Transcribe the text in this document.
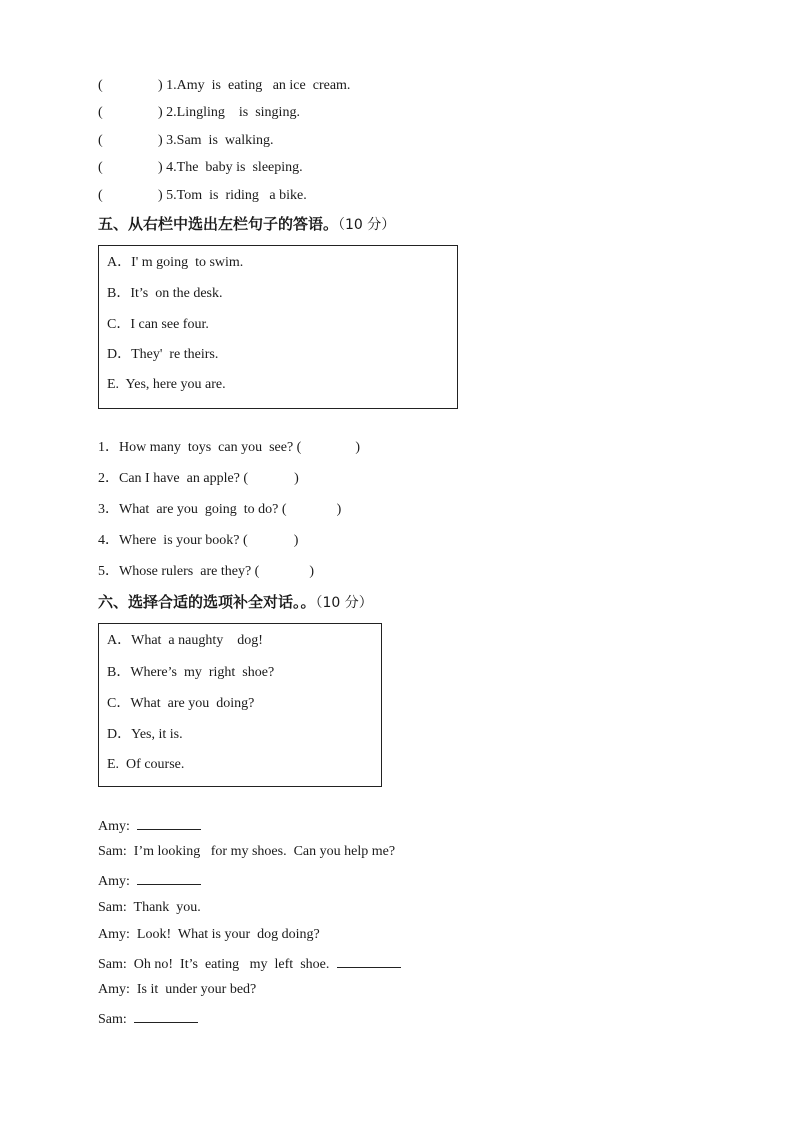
(	) 1.Amy  is  eating   an ice  cream.
(	) 2.Lingling    is  singing.
(	) 3.Sam  is  walking.
(	) 4.The  baby is  sleeping.
(	) 5.Tom  is  riding   a bike.
五、从右栏中选出左栏句子的答语。（10 分）
A．I' m going  to swim.
B．It’s  on the desk.
C．I can see four.
D．They'  re theirs.
E.  Yes, here you are.
1．How many  toys  can you  see? (	)
2．Can I have  an apple? (	)
3．What  are you  going  to do? (	)
4．Where  is your book? (	)
5．Whose rulers  are they? (	)
六、选择合适的选项补全对话。。（10 分）
A．What  a naughty    dog!
B．Where’s  my  right  shoe?
C．What  are you  doing?
D．Yes, it is.
E.  Of course.
Amy:
Sam:  I’m looking   for my shoes.  Can you help me?
Amy:
Sam:  Thank  you.
Amy:  Look!  What is your  dog doing?
Sam:  Oh no!  It’s  eating   my  left  shoe.
Amy:  Is it  under your bed?
Sam:
